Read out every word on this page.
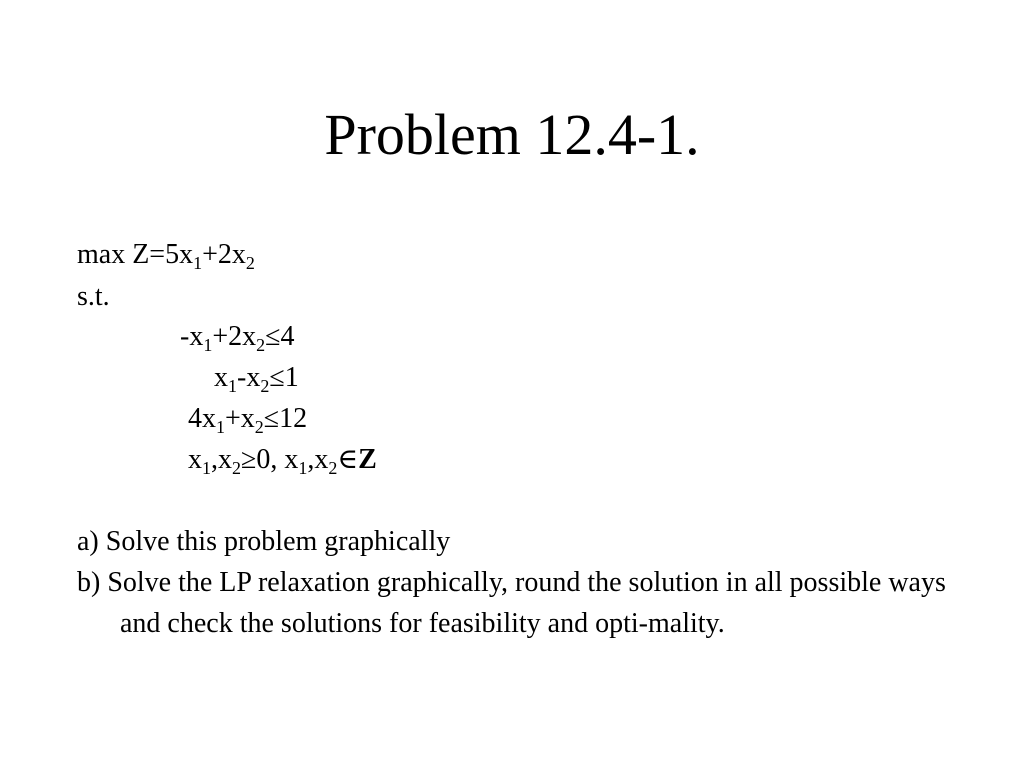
Problem 12.4-1.
$\max Z=5x_1+2x_2$
s.t.
$-x_1+2x_2\le 4$
$x_1-x_2\le 1$
$4x_1+x_2\le 12$
$x_1,x_2\ge 0$, $x_1,x_2\in Z$
a) Solve this problem graphically
b) Solve the LP relaxation graphically, round the solution in all possible ways and check the solutions for feasibility and opti-mality.
